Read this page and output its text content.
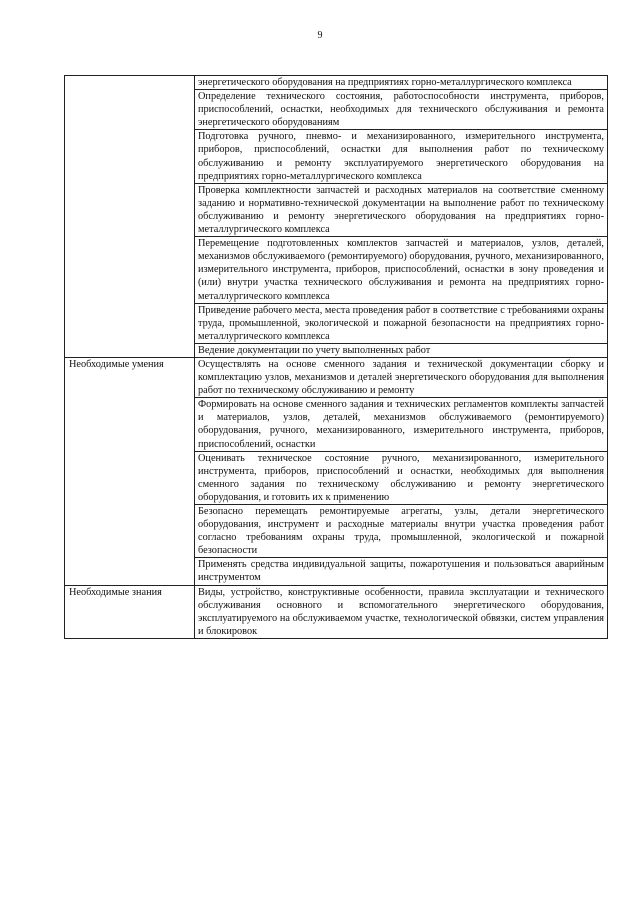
9
	энергетического оборудования на предприятиях горно-металлургического комплекса
	Определение технического состояния, работоспособности инструмента, приборов, приспособлений, оснастки, необходимых для технического обслуживания и ремонта энергетического оборудованиям
	Подготовка ручного, пневмо- и механизированного, измерительного инструмента, приборов, приспособлений, оснастки для выполнения работ по техническому обслуживанию и ремонту эксплуатируемого энергетического оборудования на предприятиях горно-металлургического комплекса
	Проверка комплектности запчастей и расходных материалов на соответствие сменному заданию и нормативно-технической документации на выполнение работ по техническому обслуживанию и ремонту энергетического оборудования на предприятиях горно-металлургического комплекса
	Перемещение подготовленных комплектов запчастей и материалов, узлов, деталей, механизмов обслуживаемого (ремонтируемого) оборудования, ручного, механизированного, измерительного инструмента, приборов, приспособлений, оснастки в зону проведения и (или) внутри участка технического обслуживания и ремонта на предприятиях горно-металлургического комплекса
	Приведение рабочего места, места проведения работ в соответствие с требованиями охраны труда, промышленной, экологической и пожарной безопасности на предприятиях горно-металлургического комплекса
	Ведение документации по учету выполненных работ
Необходимые умения	Осуществлять на основе сменного задания и технической документации сборку и комплектацию узлов, механизмов и деталей энергетического оборудования для выполнения работ по техническому обслуживанию и ремонту
	Формировать на основе сменного задания и технических регламентов комплекты запчастей и материалов, узлов, деталей, механизмов обслуживаемого (ремонтируемого) оборудования, ручного, механизированного, измерительного инструмента, приборов, приспособлений, оснастки
	Оценивать техническое состояние ручного, механизированного, измерительного инструмента, приборов, приспособлений и оснастки, необходимых для выполнения сменного задания по техническому обслуживанию и ремонту энергетического оборудования, и готовить их к применению
	Безопасно перемещать ремонтируемые агрегаты, узлы, детали энергетического оборудования, инструмент и расходные материалы внутри участка проведения работ согласно требованиям охраны труда, промышленной, экологической и пожарной безопасности
	Применять средства индивидуальной защиты, пожаротушения и пользоваться аварийным инструментом
Необходимые знания	Виды, устройство, конструктивные особенности, правила эксплуатации и технического обслуживания основного и вспомогательного энергетического оборудования, эксплуатируемого на обслуживаемом участке, технологической обвязки, систем управления и блокировок
